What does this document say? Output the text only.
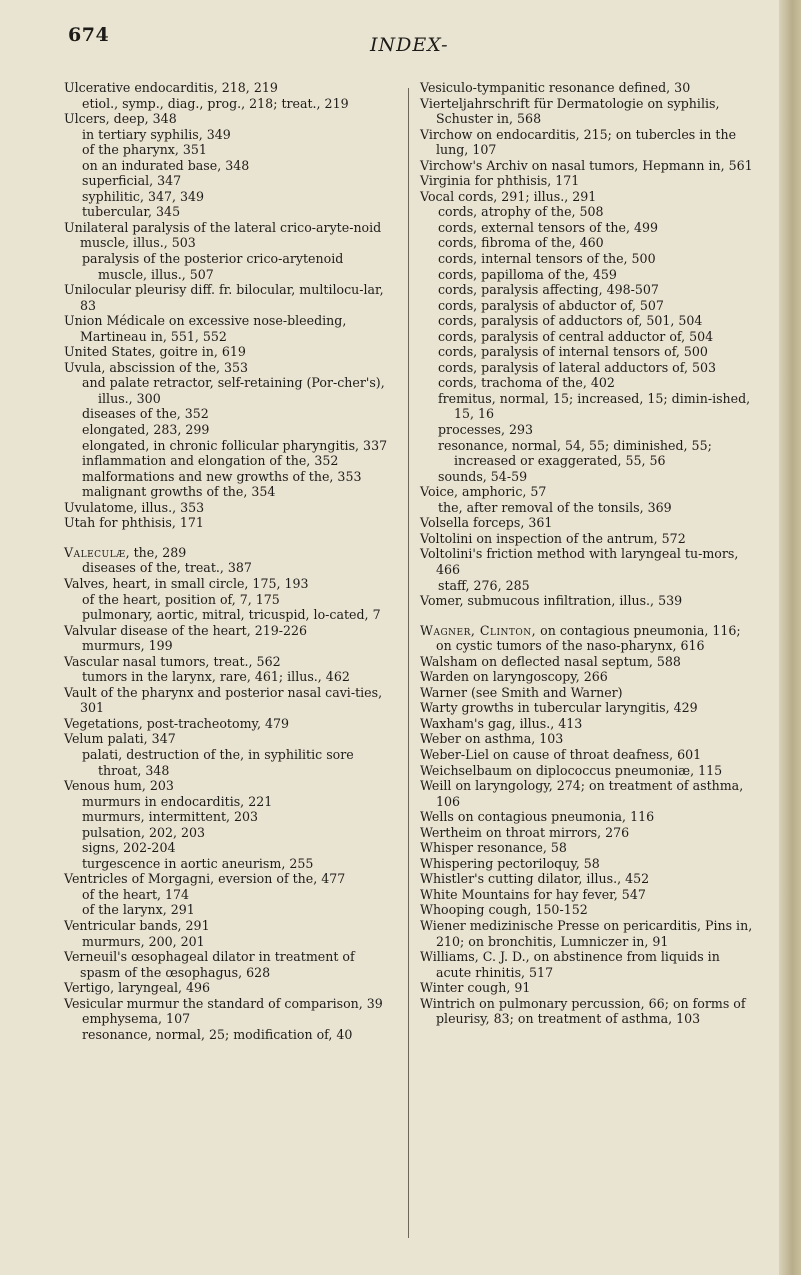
674	INDEX-
Ulcerative endocarditis, 218, 219
etiol., symp., diag., prog., 218; treat., 219
Ulcers, deep, 348
in tertiary syphilis, 349
of the pharynx, 351
on an indurated base, 348
superficial, 347
syphilitic, 347, 349
tubercular, 345
Unilateral paralysis of the lateral crico-aryte-noid muscle, illus., 503
paralysis of the posterior crico-arytenoid muscle, illus., 507
Unilocular pleurisy diff. fr. bilocular, multilocu-lar, 83
Union Médicale on excessive nose-bleeding, Martineau in, 551, 552
United States, goitre in, 619
Uvula, abscission of the, 353
and palate retractor, self-retaining (Por-cher's), illus., 300
diseases of the, 352
elongated, 283, 299
elongated, in chronic follicular pharyngitis, 337
inflammation and elongation of the, 352
malformations and new growths of the, 353
malignant growths of the, 354
Uvulatome, illus., 353
Utah for phthisis, 171
Valeculæ, the, 289
diseases of the, treat., 387
Valves, heart, in small circle, 175, 193
of the heart, position of, 7, 175
pulmonary, aortic, mitral, tricuspid, lo-cated, 7
Valvular disease of the heart, 219-226
murmurs, 199
Vascular nasal tumors, treat., 562
tumors in the larynx, rare, 461; illus., 462
Vault of the pharynx and posterior nasal cavi-ties, 301
Vegetations, post-tracheotomy, 479
Velum palati, 347
palati, destruction of the, in syphilitic sore throat, 348
Venous hum, 203
murmurs in endocarditis, 221
murmurs, intermittent, 203
pulsation, 202, 203
signs, 202-204
turgescence in aortic aneurism, 255
Ventricles of Morgagni, eversion of the, 477
of the heart, 174
of the larynx, 291
Ventricular bands, 291
murmurs, 200, 201
Verneuil's œsophageal dilator in treatment of spasm of the œsophagus, 628
Vertigo, laryngeal, 496
Vesicular murmur the standard of comparison, 39
emphysema, 107
resonance, normal, 25; modification of, 40
Vesiculo-tympanitic resonance defined, 30
Vierteljahrschrift für Dermatologie on syphilis, Schuster in, 568
Virchow on endocarditis, 215; on tubercles in the lung, 107
Virchow's Archiv on nasal tumors, Hepmann in, 561
Virginia for phthisis, 171
Vocal cords, 291; illus., 291
cords, atrophy of the, 508
cords, external tensors of the, 499
cords, fibroma of the, 460
cords, internal tensors of the, 500
cords, papilloma of the, 459
cords, paralysis affecting, 498-507
cords, paralysis of abductor of, 507
cords, paralysis of adductors of, 501, 504
cords, paralysis of central adductor of, 504
cords, paralysis of internal tensors of, 500
cords, paralysis of lateral adductors of, 503
cords, trachoma of the, 402
fremitus, normal, 15; increased, 15; dimin-ished, 15, 16
processes, 293
resonance, normal, 54, 55; diminished, 55; increased or exaggerated, 55, 56
sounds, 54-59
Voice, amphoric, 57
the, after removal of the tonsils, 369
Volsella forceps, 361
Voltolini on inspection of the antrum, 572
Voltolini's friction method with laryngeal tu-mors, 466
staff, 276, 285
Vomer, submucous infiltration, illus., 539
Wagner, Clinton, on contagious pneumonia, 116; on cystic tumors of the naso-pharynx, 616
Walsham on deflected nasal septum, 588
Warden on laryngoscopy, 266
Warner (see Smith and Warner)
Warty growths in tubercular laryngitis, 429
Waxham's gag, illus., 413
Weber on asthma, 103
Weber-Liel on cause of throat deafness, 601
Weichselbaum on diplococcus pneumoniæ, 115
Weill on laryngology, 274; on treatment of asthma, 106
Wells on contagious pneumonia, 116
Wertheim on throat mirrors, 276
Whisper resonance, 58
Whispering pectoriloquy, 58
Whistler's cutting dilator, illus., 452
White Mountains for hay fever, 547
Whooping cough, 150-152
Wiener medizinische Presse on pericarditis, Pins in, 210; on bronchitis, Lumniczer in, 91
Williams, C. J. D., on abstinence from liquids in acute rhinitis, 517
Winter cough, 91
Wintrich on pulmonary percussion, 66; on forms of pleurisy, 83; on treatment of asthma, 103
